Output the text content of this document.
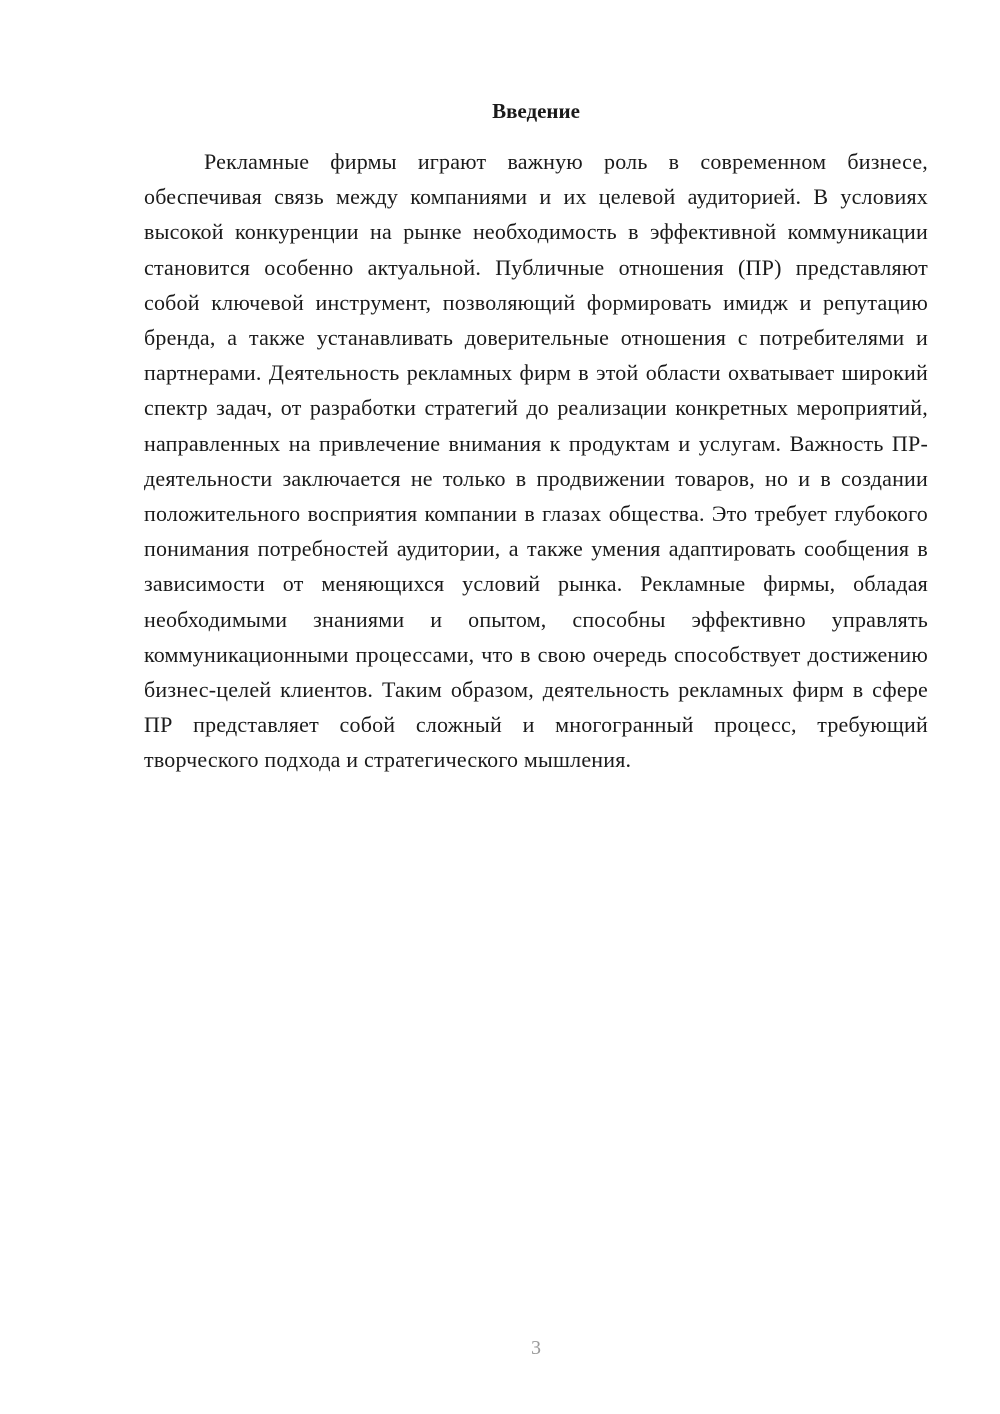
Введение

Рекламные фирмы играют важную роль в современном бизнесе, обеспечивая связь между компаниями и их целевой аудиторией. В условиях высокой конкуренции на рынке необходимость в эффективной коммуникации становится особенно актуальной. Публичные отношения (ПР) представляют собой ключевой инструмент, позволяющий формировать имидж и репутацию бренда, а также устанавливать доверительные отношения с потребителями и партнерами. Деятельность рекламных фирм в этой области охватывает широкий спектр задач, от разработки стратегий до реализации конкретных мероприятий, направленных на привлечение внимания к продуктам и услугам. Важность ПР-деятельности заключается не только в продвижении товаров, но и в создании положительного восприятия компании в глазах общества. Это требует глубокого понимания потребностей аудитории, а также умения адаптировать сообщения в зависимости от меняющихся условий рынка. Рекламные фирмы, обладая необходимыми знаниями и опытом, способны эффективно управлять коммуникационными процессами, что в свою очередь способствует достижению бизнес-целей клиентов. Таким образом, деятельность рекламных фирм в сфере ПР представляет собой сложный и многогранный процесс, требующий творческого подхода и стратегического мышления.

3
